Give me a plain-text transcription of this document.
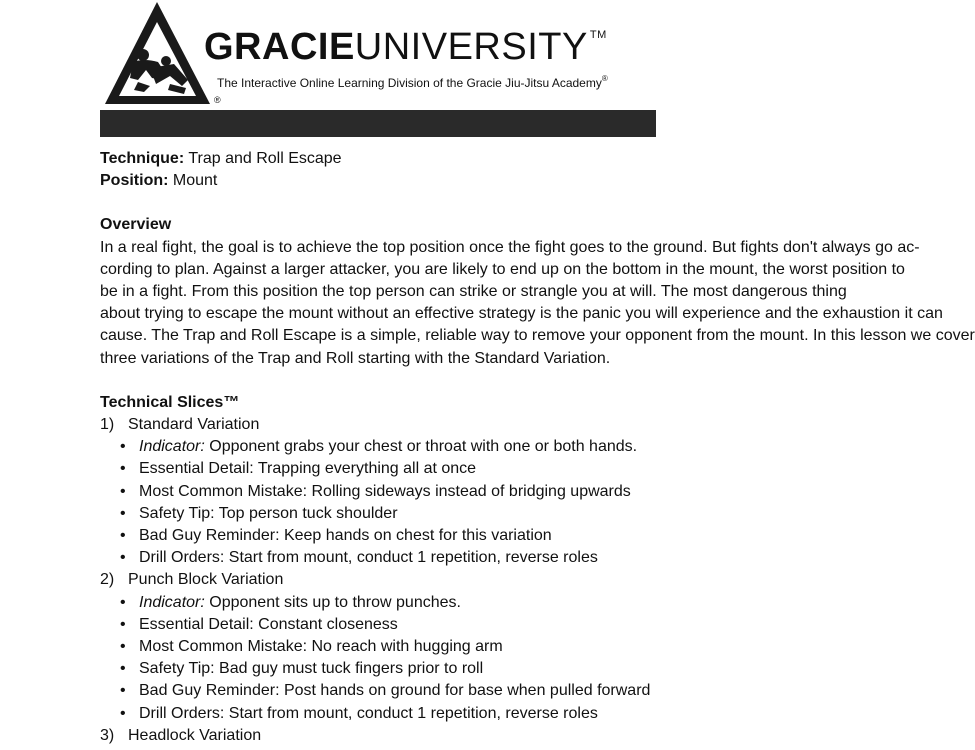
GRACIEUNIVERSITY ™
The Interactive Online Learning Division of the Gracie Jiu-Jitsu Academy®
®

Technique: Trap and Roll Escape

Position: Mount

Overview

In a real fight, the goal is to achieve the top position once the fight goes to the ground. But fights don't always go ac-

cording to plan. Against a larger attacker, you are likely to end up on the bottom in the mount, the worst position to

be in a fight. From this position the top person can strike or strangle you at will. The most dangerous thing

about trying to escape the mount without an effective strategy is the panic you will experience and the exhaustion it can

cause. The Trap and Roll Escape is a simple, reliable way to remove your opponent from the mount. In this lesson we cover

three variations of the Trap and Roll starting with the Standard Variation.

Technical Slices™

1) Standard Variation

• Indicator: Opponent grabs your chest or throat with one or both hands.

• Essential Detail: Trapping everything all at once

• Most Common Mistake: Rolling sideways instead of bridging upwards

• Safety Tip: Top person tuck shoulder

• Bad Guy Reminder: Keep hands on chest for this variation

• Drill Orders: Start from mount, conduct 1 repetition, reverse roles

2) Punch Block Variation

• Indicator: Opponent sits up to throw punches.

• Essential Detail: Constant closeness

• Most Common Mistake: No reach with hugging arm

• Safety Tip: Bad guy must tuck fingers prior to roll

• Bad Guy Reminder: Post hands on ground for base when pulled forward

• Drill Orders: Start from mount, conduct 1 repetition, reverse roles

3) Headlock Variation
